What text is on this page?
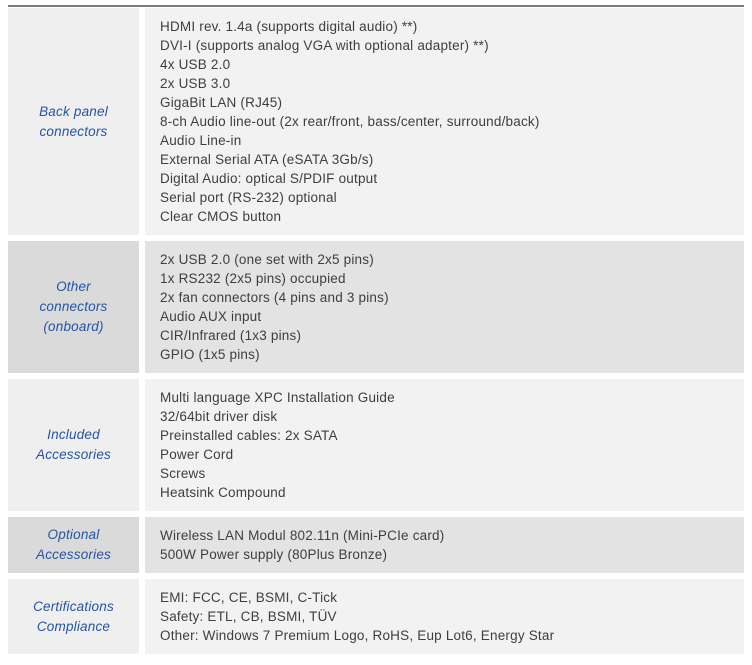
Back panel
connectors
HDMI rev. 1.4a (supports digital audio) **)
DVI-I (supports analog VGA with optional adapter) **)
4x USB 2.0
2x USB 3.0
GigaBit LAN (RJ45)
8-ch Audio line-out (2x rear/front, bass/center, surround/back)
Audio Line-in
External Serial ATA (eSATA 3Gb/s)
Digital Audio: optical S/PDIF output
Serial port (RS-232) optional
Clear CMOS button
Other
connectors
(onboard)
2x USB 2.0 (one set with 2x5 pins)
1x RS232 (2x5 pins) occupied
2x fan connectors (4 pins and 3 pins)
Audio AUX input
CIR/Infrared (1x3 pins)
GPIO (1x5 pins)
Included
Accessories
Multi language XPC Installation Guide
32/64bit driver disk
Preinstalled cables: 2x SATA
Power Cord
Screws
Heatsink Compound
Optional
Accessories
Wireless LAN Modul 802.11n (Mini-PCIe card)
500W Power supply (80Plus Bronze)
Certifications
Compliance
EMI: FCC, CE, BSMI, C-Tick
Safety: ETL, CB, BSMI, TÜV
Other: Windows 7 Premium Logo, RoHS, Eup Lot6, Energy Star
